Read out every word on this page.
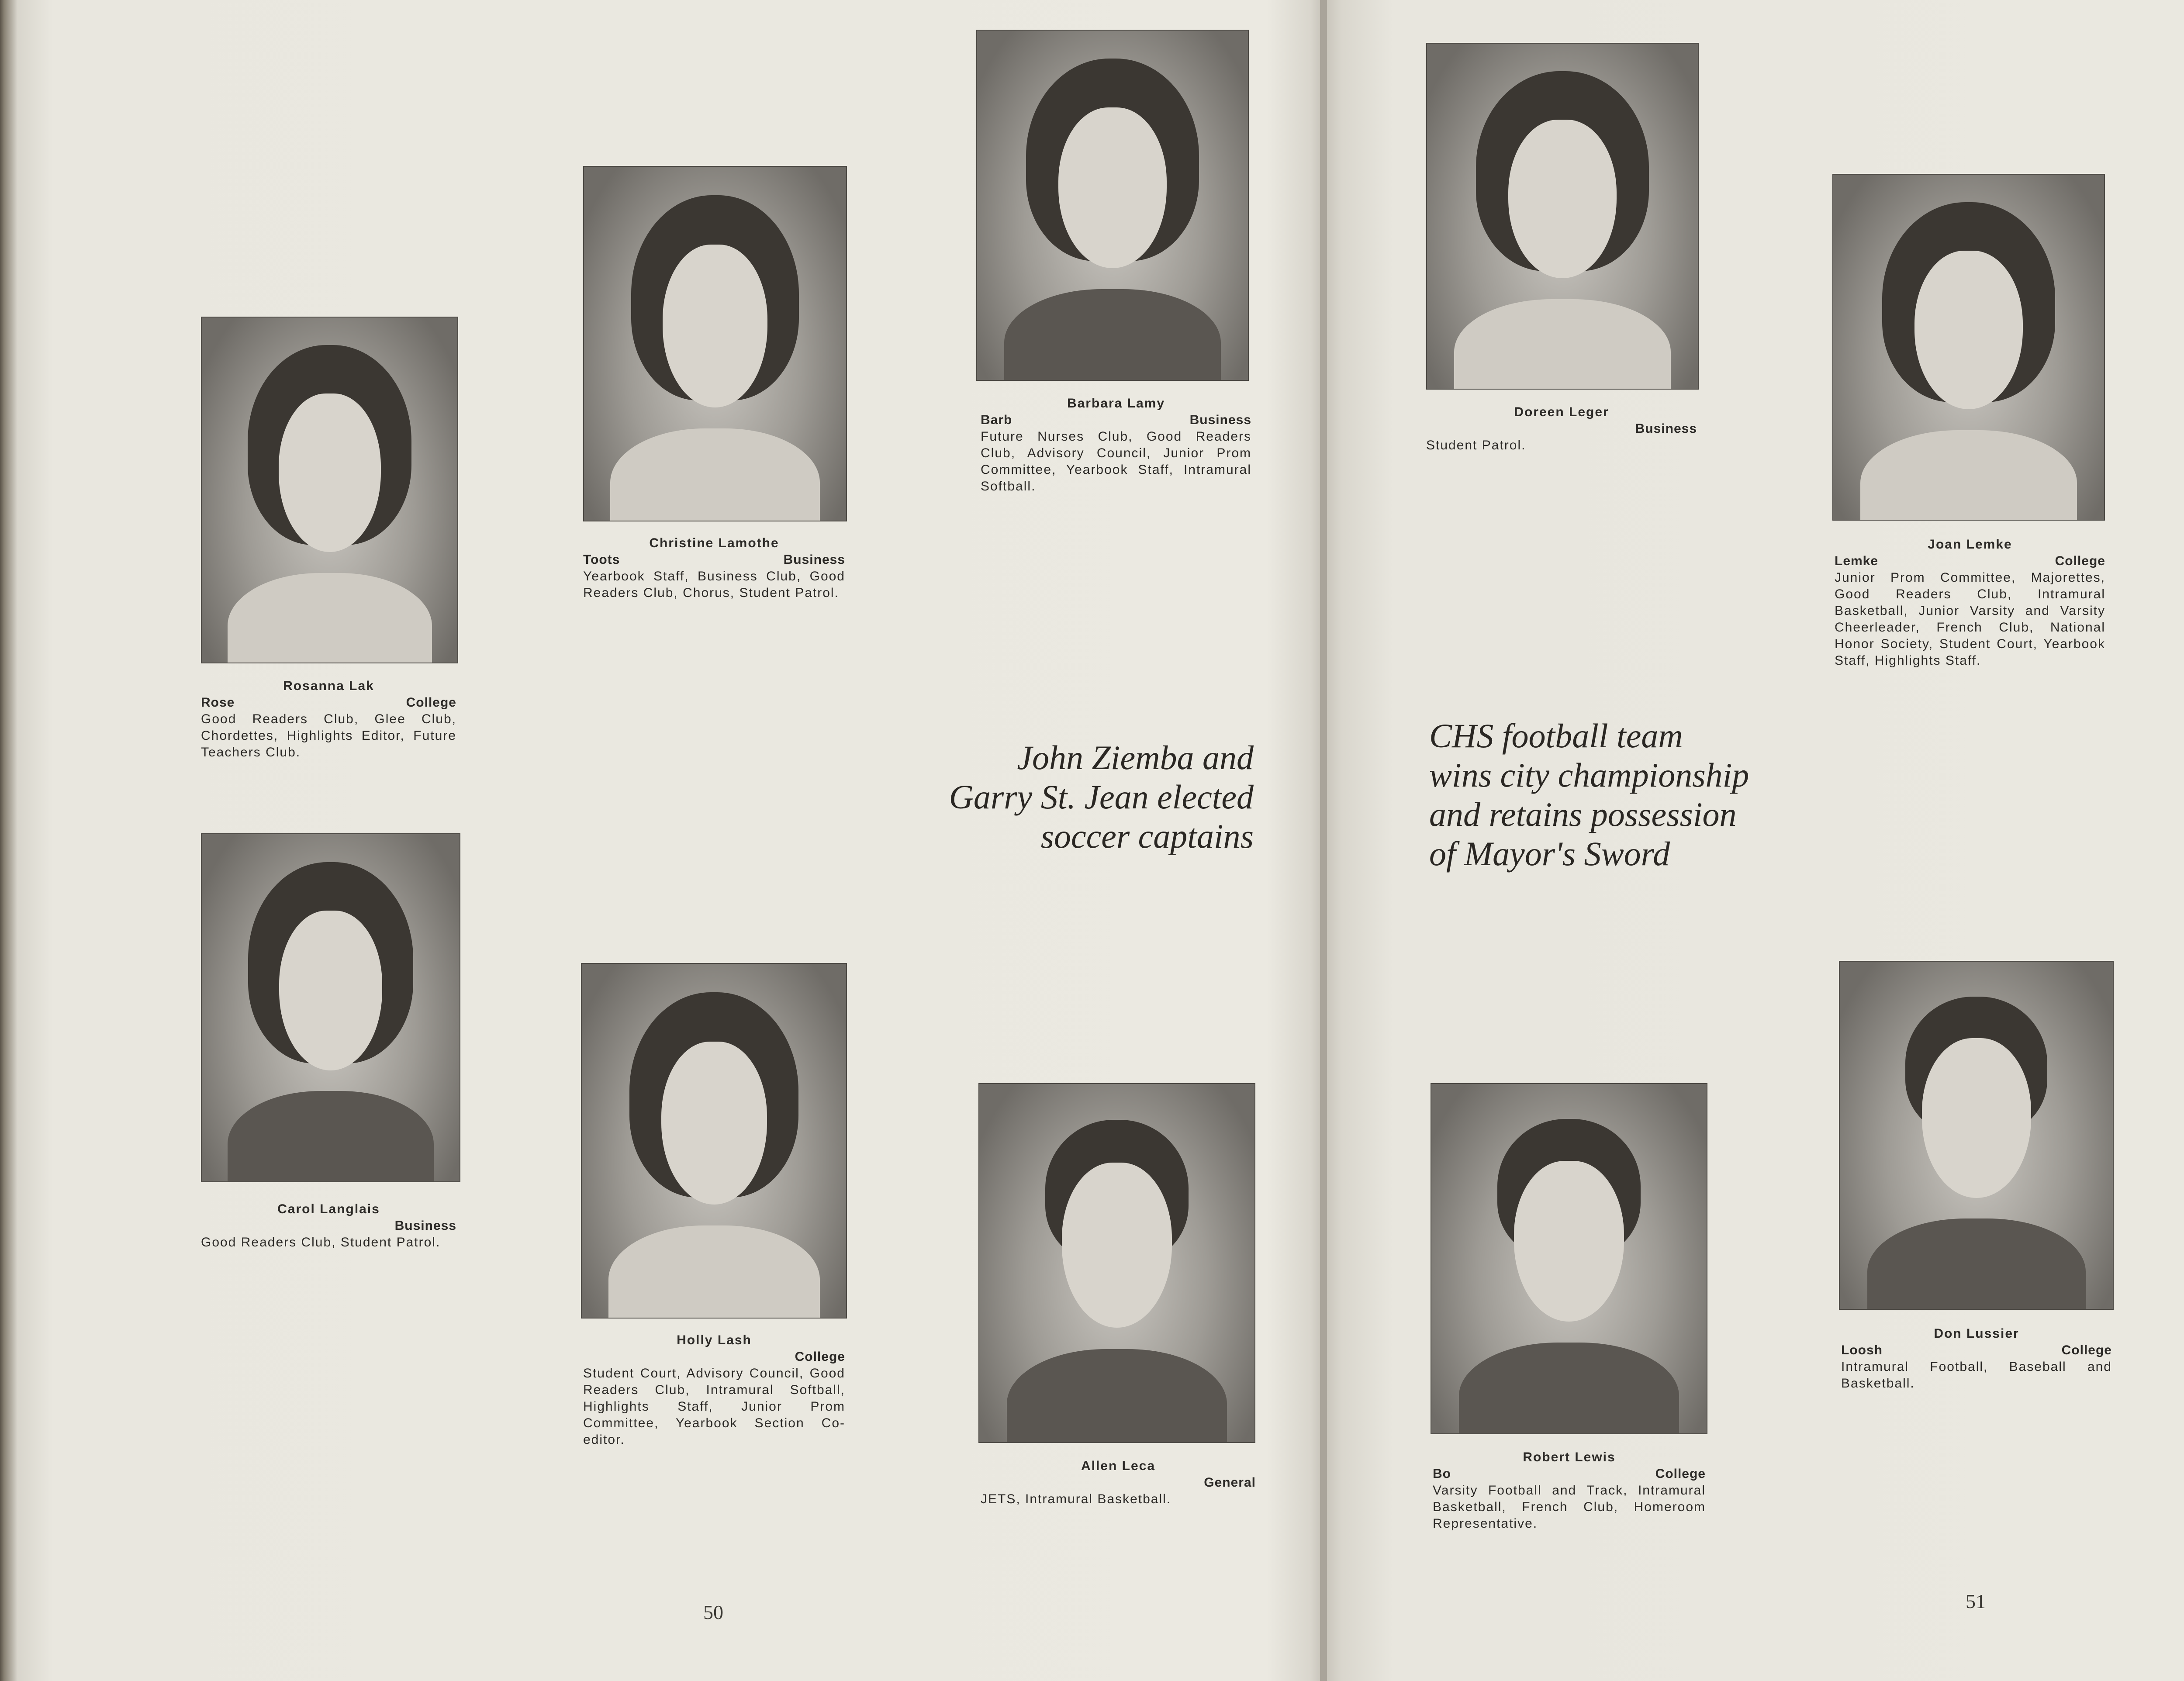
Rosanna Lak
Rose	College
Good Readers Club, Glee Club, Chordettes, Highlights Editor, Future Teachers Club.
Christine Lamothe
Toots	Business
Yearbook Staff, Business Club, Good Readers Club, Chorus, Student Patrol.
Barbara Lamy
Barb	Business
Future Nurses Club, Good Readers Club, Advisory Council, Junior Prom Committee, Yearbook Staff, Intramural Softball.
John Ziemba and
Garry St. Jean elected
soccer captains
Carol Langlais
Business
Good Readers Club, Student Patrol.
Holly Lash
College
Student Court, Advisory Council, Good Readers Club, Intramural Softball, Highlights Staff, Junior Prom Committee, Yearbook Section Co-editor.
Allen Leca
General
JETS, Intramural Basketball.
50
Doreen Leger
Business
Student Patrol.
Joan Lemke
Lemke	College
Junior Prom Committee, Majorettes, Good Readers Club, Intramural Basketball, Junior Varsity and Varsity Cheerleader, French Club, National Honor Society, Student Court, Yearbook Staff, Highlights Staff.
CHS football team
wins city championship
and retains possession
of Mayor's Sword
Robert Lewis
Bo	College
Varsity Football and Track, Intramural Basketball, French Club, Homeroom Representative.
Don Lussier
Loosh	College
Intramural Football, Baseball and Basketball.
51
